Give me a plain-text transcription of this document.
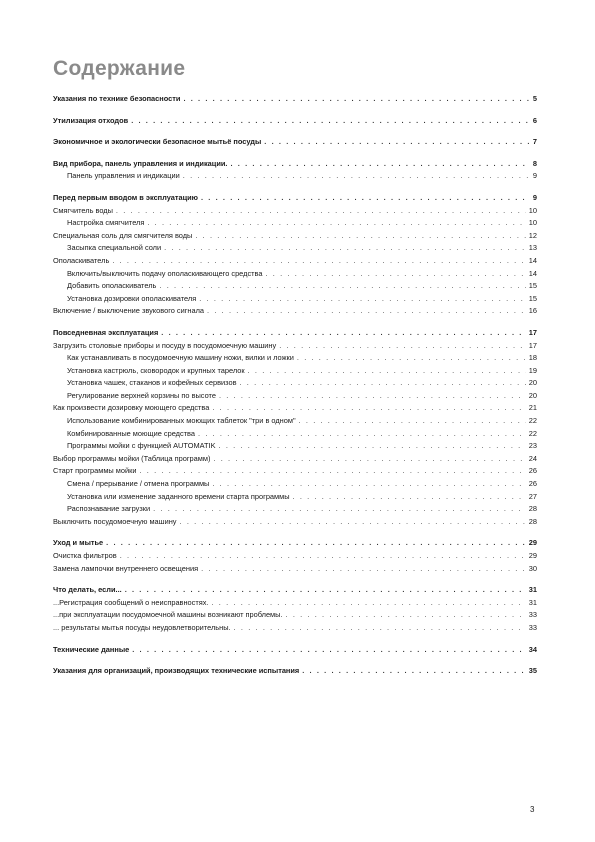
Содержание
Указания по технике безопасности . . .	5
Утилизация отходов . . .	6
Экономичное и экологически безопасное мытьё посуды . . .	7
Вид прибора, панель управления и индикации. . . .	8
Панель управления и индикации . . .	9
Перед первым вводом в эксплуатацию . . .	9
Смягчитель воды . . .	10
Настройка смягчителя . . .	10
Специальная соль для смягчителя воды . . .	12
Засыпка специальной соли . . .	13
Ополаскиватель . . .	14
Включить/выключить подачу ополаскивающего средства . . .	14
Добавить ополаскиватель . . .	15
Установка дозировки ополаскивателя . . .	15
Включение / выключение звукового сигнала . . .	16
Повседневная эксплуатация . . .	17
Загрузить столовые приборы и посуду в посудомоечную машину . . .	17
Как устанавливать в посудомоечную машину ножи, вилки и ложки . . .	18
Установка кастрюль, сковородок и крупных тарелок . . .	19
Установка чашек, стаканов и кофейных сервизов . . .	20
Регулирование верхней корзины по высоте . . .	20
Как произвести дозировку моющего средства . . .	21
Использование комбинированных моющих таблеток "три в одном" . . .	22
Комбинированные моющие средства . . .	22
Программы мойки с функцией AUTOMATIK . . .	23
Выбор программы мойки (Таблица программ) . . .	24
Старт программы мойки . . .	26
Смена / прерывание / отмена программы . . .	26
Установка или изменение заданного времени старта программы . . .	27
Распознавание загрузки . . .	28
Выключить посудомоечную машину . . .	28
Уход и мытье . . .	29
Очистка фильтров . . .	29
Замена лампочки внутреннего освещения . . .	30
Что делать, если... . . .	31
...Регистрация сообщений о неисправностях. . . .	31
...при эксплуатации посудомоечной машины возникают проблемы. . . .	33
... результаты мытья посуды неудовлетворительны. . . .	33
Технические данные . . .	34
Указания для организаций, производящих технические испытания . . .	35
3
